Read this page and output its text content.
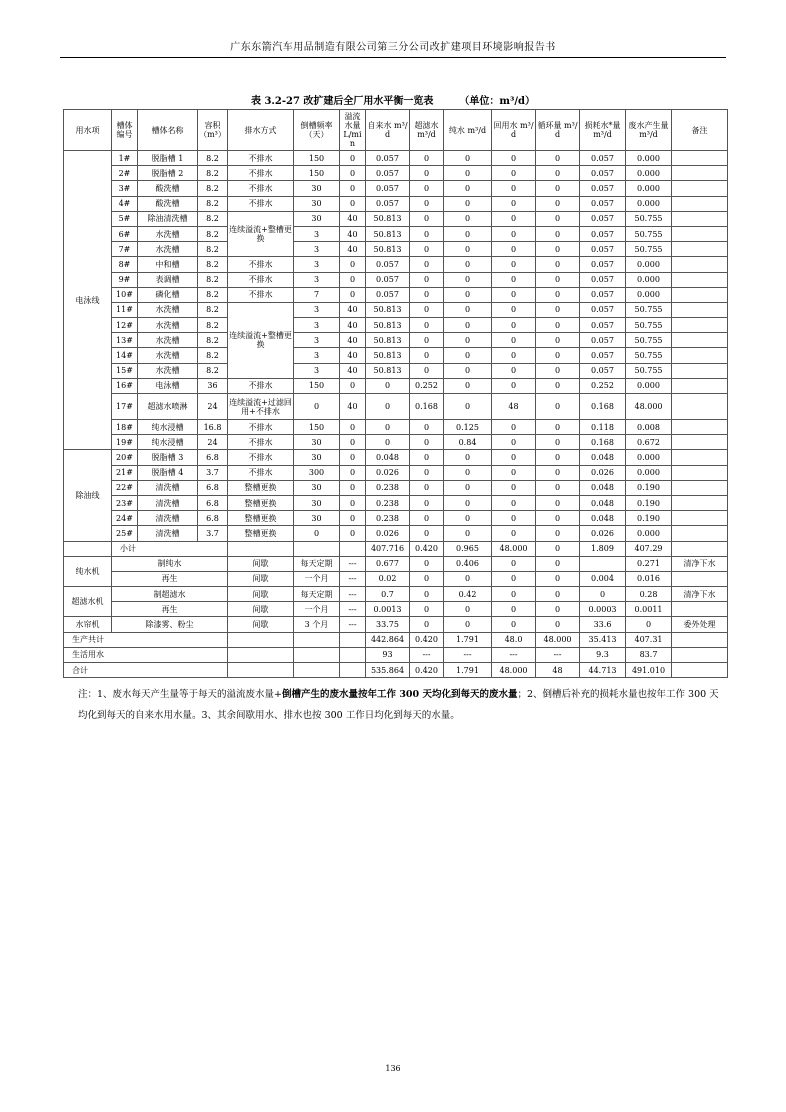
广东东箭汽车用品制造有限公司第三分公司改扩建项目环境影响报告书
表 3.2-27 改扩建后全厂用水平衡一览表	（单位：m³/d）
用水项	槽体编号	槽体名称	容积（m³）	排水方式	倒槽频率（天）	溢流水量 L/min	自来水 m³/d	超滤水 m³/d	纯水 m³/d	回用水 m³/d	循环量 m³/d	损耗水*量 m³/d	废水产生量 m³/d	备注
电泳线	1#	脱脂槽 1	8.2	不排水	150	0	0.057	0	0	0	0	0.057	0.000	
	2#	脱脂槽 2	8.2	不排水	150	0	0.057	0	0	0	0	0.057	0.000	
	3#	酸洗槽	8.2	不排水	30	0	0.057	0	0	0	0	0.057	0.000	
	4#	酸洗槽	8.2	不排水	30	0	0.057	0	0	0	0	0.057	0.000	
	5#	除油清洗槽	8.2	连续溢流+整槽更换	30	40	50.813	0	0	0	0	0.057	50.755	
	6#	水洗槽	8.2		3	40	50.813	0	0	0	0	0.057	50.755	
	7#	水洗槽	8.2		3	40	50.813	0	0	0	0	0.057	50.755	
	8#	中和槽	8.2	不排水	3	0	0.057	0	0	0	0	0.057	0.000	
	9#	表调槽	8.2	不排水	3	0	0.057	0	0	0	0	0.057	0.000	
	10#	磷化槽	8.2	不排水	7	0	0.057	0	0	0	0	0.057	0.000	
	11#	水洗槽	8.2	连续溢流+整槽更换	3	40	50.813	0	0	0	0	0.057	50.755	
	12#	水洗槽	8.2		3	40	50.813	0	0	0	0	0.057	50.755	
	13#	水洗槽	8.2		3	40	50.813	0	0	0	0	0.057	50.755	
	14#	水洗槽	8.2		3	40	50.813	0	0	0	0	0.057	50.755	
	15#	水洗槽	8.2		3	40	50.813	0	0	0	0	0.057	50.755	
	16#	电泳槽	36	不排水	150	0	0	0.252	0	0	0	0.252	0.000	
	17#	超滤水喷淋	24	连续溢流+过滤回用+不排水	0	40	0	0.168	0	48	0	0.168	48.000	
	18#	纯水浸槽	16.8	不排水	150	0	0	0	0.125	0	0	0.118	0.008	
	19#	纯水浸槽	24	不排水	30	0	0	0	0.84	0	0	0.168	0.672	
除油线	20#	脱脂槽 3	6.8	不排水	30	0	0.048	0	0	0	0	0.048	0.000	
	21#	脱脂槽 4	3.7	不排水	300	0	0.026	0	0	0	0	0.026	0.000	
	22#	清洗槽	6.8	整槽更换	30	0	0.238	0	0	0	0	0.048	0.190	
	23#	清洗槽	6.8	整槽更换	30	0	0.238	0	0	0	0	0.048	0.190	
	24#	清洗槽	6.8	整槽更换	30	0	0.238	0	0	0	0	0.048	0.190	
	25#	清洗槽	3.7	整槽更换	0	0	0.026	0	0	0	0	0.026	0.000	
	小计						407.716	0.420	0.965	48.000	0	1.809	407.29	
纯水机	制纯水			间歇	每天定期	---	0.677	0	0.406	0	0		0.271	清净下水
	再生			间歇	一个月	---	0.02	0	0	0	0	0.004	0.016	
超滤水机	制超滤水			间歇	每天定期	---	0.7	0	0.42	0	0	0	0.28	清净下水
	再生			间歇	一个月	---	0.0013	0	0	0	0	0.0003	0.0011	
水帘机	除漆雾、粉尘			间歇	3 个月	---	33.75	0	0	0	0	33.6	0	委外处理
生产共计							442.864	0.420	1.791	48.0	48.000	35.413	407.31	
生活用水							93	---	---	---	---	9.3	83.7	
合计							535.864	0.420	1.791	48.000	48	44.713	491.010	
注：1、废水每天产生量等于每天的溢流废水量+倒槽产生的废水量按年工作 300 天均化到每天的废水量；2、倒槽后补充的损耗水量也按年工作 300 天均化到每天的自来水用水量。3、其余间歇用水、排水也按 300 工作日均化到每天的水量。
136
